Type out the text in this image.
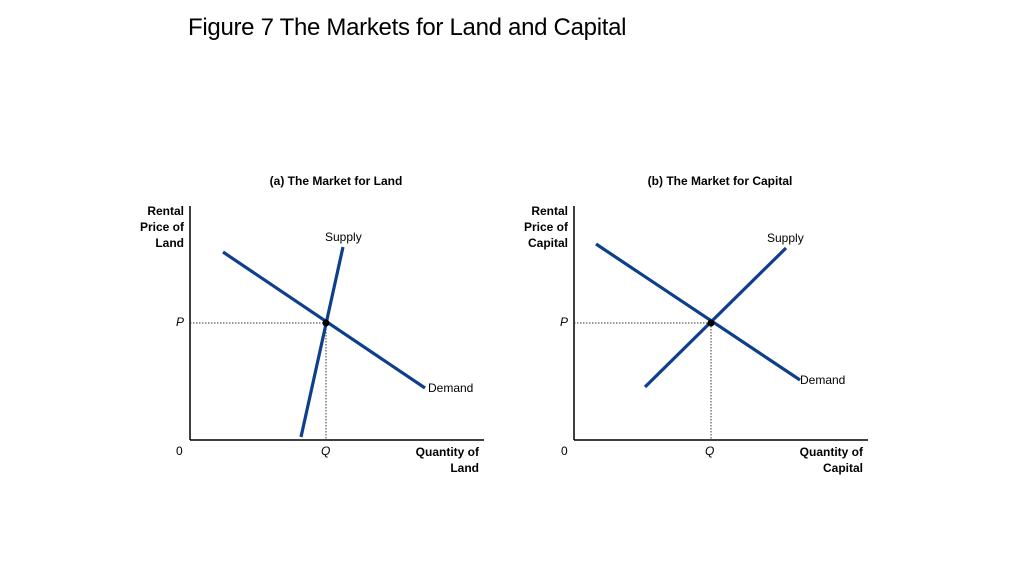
Figure 7 The Markets for Land and Capital
(a) The Market for Land
Rental
Price of
Land
Quantity of
Land
0
P
Q
Supply
Demand
(b) The Market for Capital
Rental
Price of
Capital
Quantity of
Capital
0
P
Q
Supply
Demand
